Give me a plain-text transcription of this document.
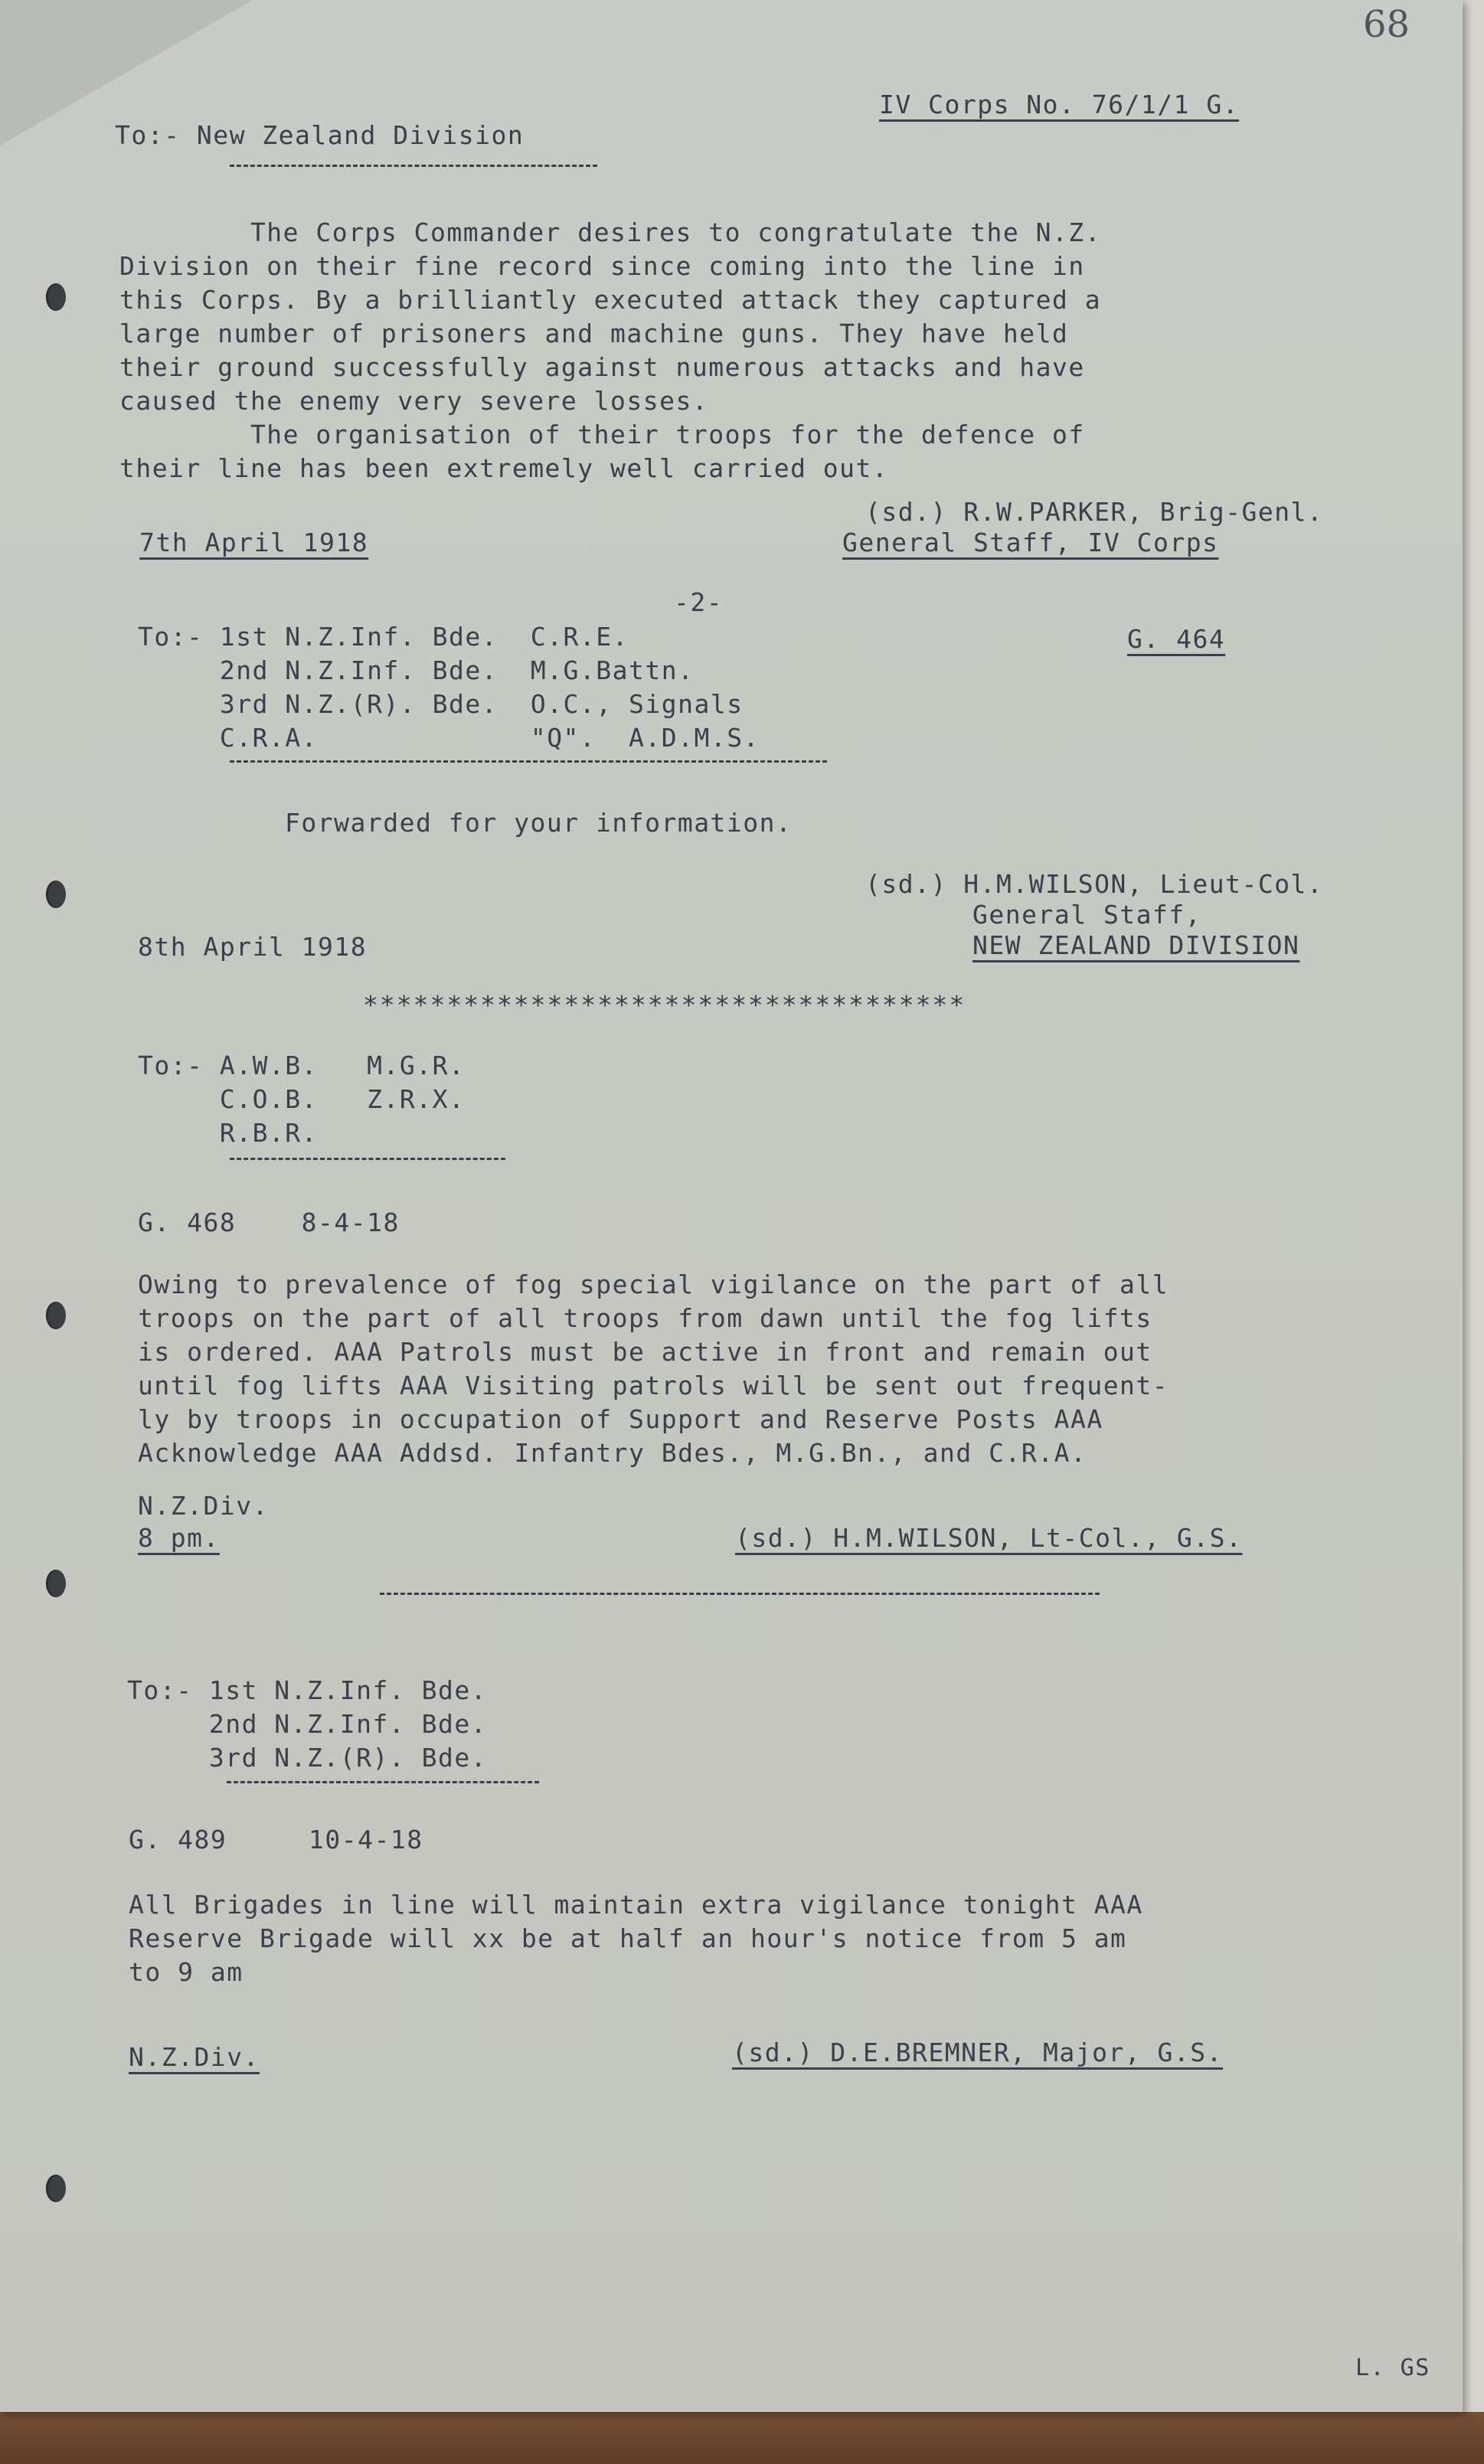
68
IV Corps No. 76/1/1 G.
To:- New Zealand Division
The Corps Commander desires to congratulate the N.Z.
Division on their fine record since coming into the line in
this Corps. By a brilliantly executed attack they captured a
large number of prisoners and machine guns. They have held
their ground successfully against numerous attacks and have
caused the enemy very severe losses.
The organisation of their troops for the defence of
their line has been extremely well carried out.
(sd.) R.W.PARKER, Brig-Genl.
7th April 1918	General Staff, IV Corps
-2-
G. 464
To:- 1st N.Z.Inf. Bde.  C.R.E.
2nd N.Z.Inf. Bde.  M.G.Battn.
3rd N.Z.(R). Bde.  O.C., Signals
C.R.A.             "Q".  A.D.M.S.
Forwarded for your information.
(sd.) H.M.WILSON, Lieut-Col.
General Staff,
8th April 1918	NEW ZEALAND DIVISION
************************************
To:- A.W.B.   M.G.R.
C.O.B.   Z.R.X.
R.B.R.
G. 468    8-4-18
Owing to prevalence of fog special vigilance on the part of all
troops on the part of all troops from dawn until the fog lifts
is ordered. AAA Patrols must be active in front and remain out
until fog lifts AAA Visiting patrols will be sent out frequent-
ly by troops in occupation of Support and Reserve Posts AAA
Acknowledge AAA Addsd. Infantry Bdes., M.G.Bn., and C.R.A.
N.Z.Div.
8 pm.	(sd.) H.M.WILSON, Lt-Col., G.S.
To:- 1st N.Z.Inf. Bde.
2nd N.Z.Inf. Bde.
3rd N.Z.(R). Bde.
G. 489     10-4-18
All Brigades in line will maintain extra vigilance tonight AAA
Reserve Brigade will xx be at half an hour's notice from 5 am
to 9 am
N.Z.Div.	(sd.) D.E.BREMNER, Major, G.S.
L. GS
